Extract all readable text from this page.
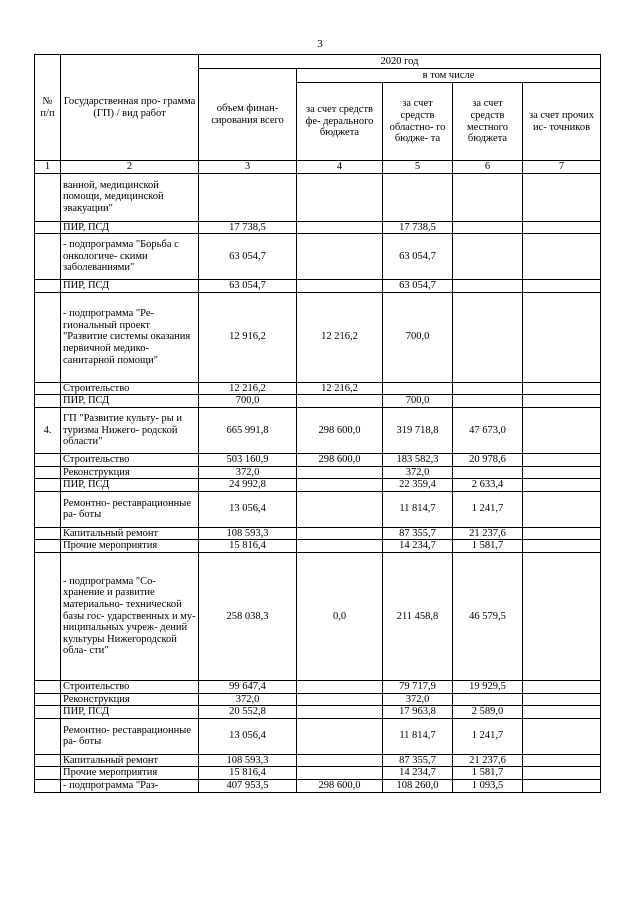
3
№ п/п	Государственная про- грамма (ГП) / вид работ	2020 год				
		объем финан- сирования всего	в том числе			
			за счет средств фе- дерального бюджета	за счет средств областно- го бюдже- та	за счет средств местного бюджета	за счет прочих ис- точников
1	2	3	4	5	6	7
	ванной, медицинской помощи, медицинской эвакуации"					
	ПИР, ПСД	17 738,5		17 738,5		
	- подпрограмма "Борьба с онкологиче- скими заболеваниями"	63 054,7		63 054,7		
	ПИР, ПСД	63 054,7		63 054,7		
	- подпрограмма "Ре- гиональный проект "Развитие системы оказания первичной медико-санитарной помощи"	12 916,2	12 216,2	700,0		
	Строительство	12 216,2	12 216,2			
	ПИР, ПСД	700,0		700,0		
4.	ГП "Развитие культу- ры и туризма Нижего- родской области"	665 991,8	298 600,0	319 718,8	47 673,0	
	Строительство	503 160,9	298 600,0	183 582,3	20 978,6	
	Реконструкция	372,0		372,0		
	ПИР, ПСД	24 992,8		22 359,4	2 633,4	
	Ремонтно- реставрационные ра- боты	13 056,4		11 814,7	1 241,7	
	Капитальный ремонт	108 593,3		87 355,7	21 237,6	
	Прочие мероприятия	15 816,4		14 234,7	1 581,7	
	- подпрограмма "Со- хранение и развитие материально- технической базы гос- ударственных и му- ниципальных учреж- дений культуры Нижегородской обла- сти"	258 038,3	0,0	211 458,8	46 579,5	
	Строительство	99 647,4		79 717,9	19 929,5	
	Реконструкция	372,0		372,0		
	ПИР, ПСД	20 552,8		17 963,8	2 589,0	
	Ремонтно- реставрационные ра- боты	13 056,4		11 814,7	1 241,7	
	Капитальный ремонт	108 593,3		87 355,7	21 237,6	
	Прочие мероприятия	15 816,4		14 234,7	1 581,7	
	- подпрограмма "Раз-	407 953,5	298 600,0	108 260,0	1 093,5	
